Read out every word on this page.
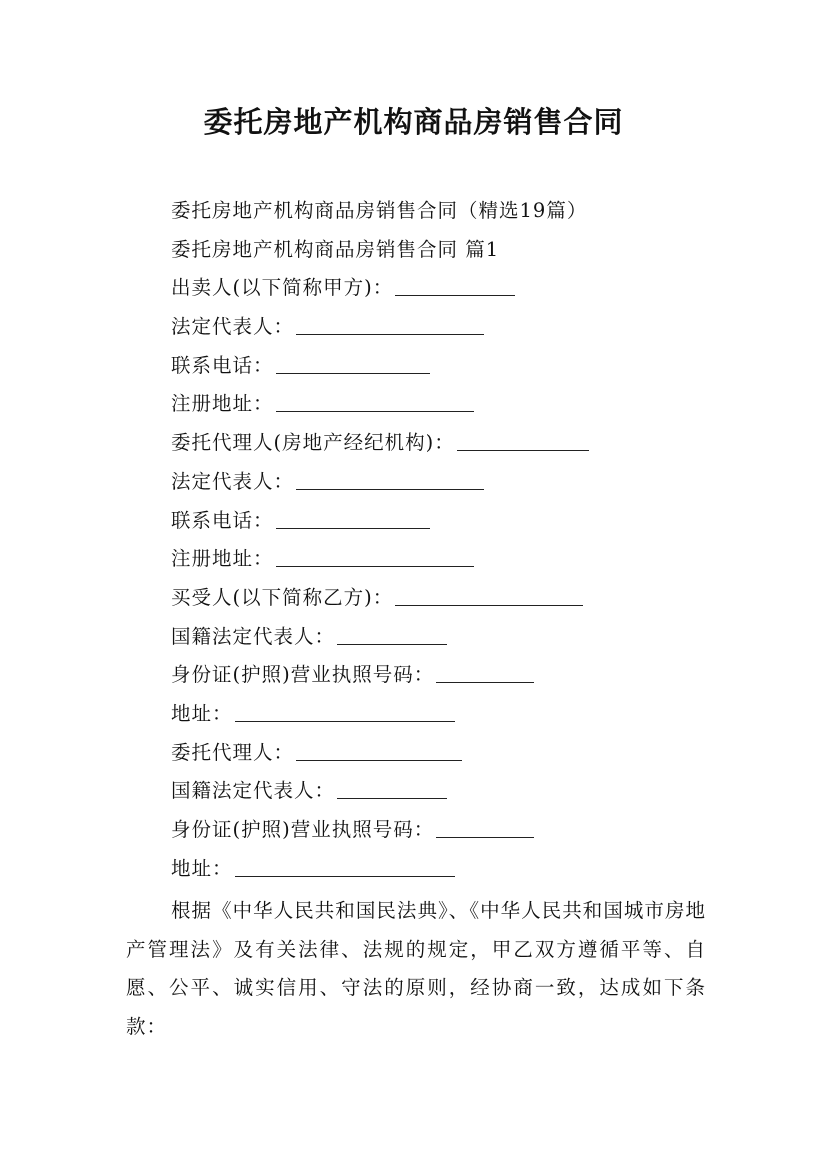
委托房地产机构商品房销售合同
委托房地产机构商品房销售合同（精选19篇）
委托房地产机构商品房销售合同 篇1
出卖人(以下简称甲方)：
法定代表人：
联系电话：
注册地址：
委托代理人(房地产经纪机构)：
法定代表人：
联系电话：
注册地址：
买受人(以下简称乙方)：
国籍法定代表人：
身份证(护照)营业执照号码：
地址：
委托代理人：
国籍法定代表人：
身份证(护照)营业执照号码：
地址：

根据《中华人民共和国民法典》、《中华人民共和国城市房地产管理法》及有关法律、法规的规定，甲乙双方遵循平等、自愿、公平、诚实信用、守法的原则，经协商一致，达成如下条款：
